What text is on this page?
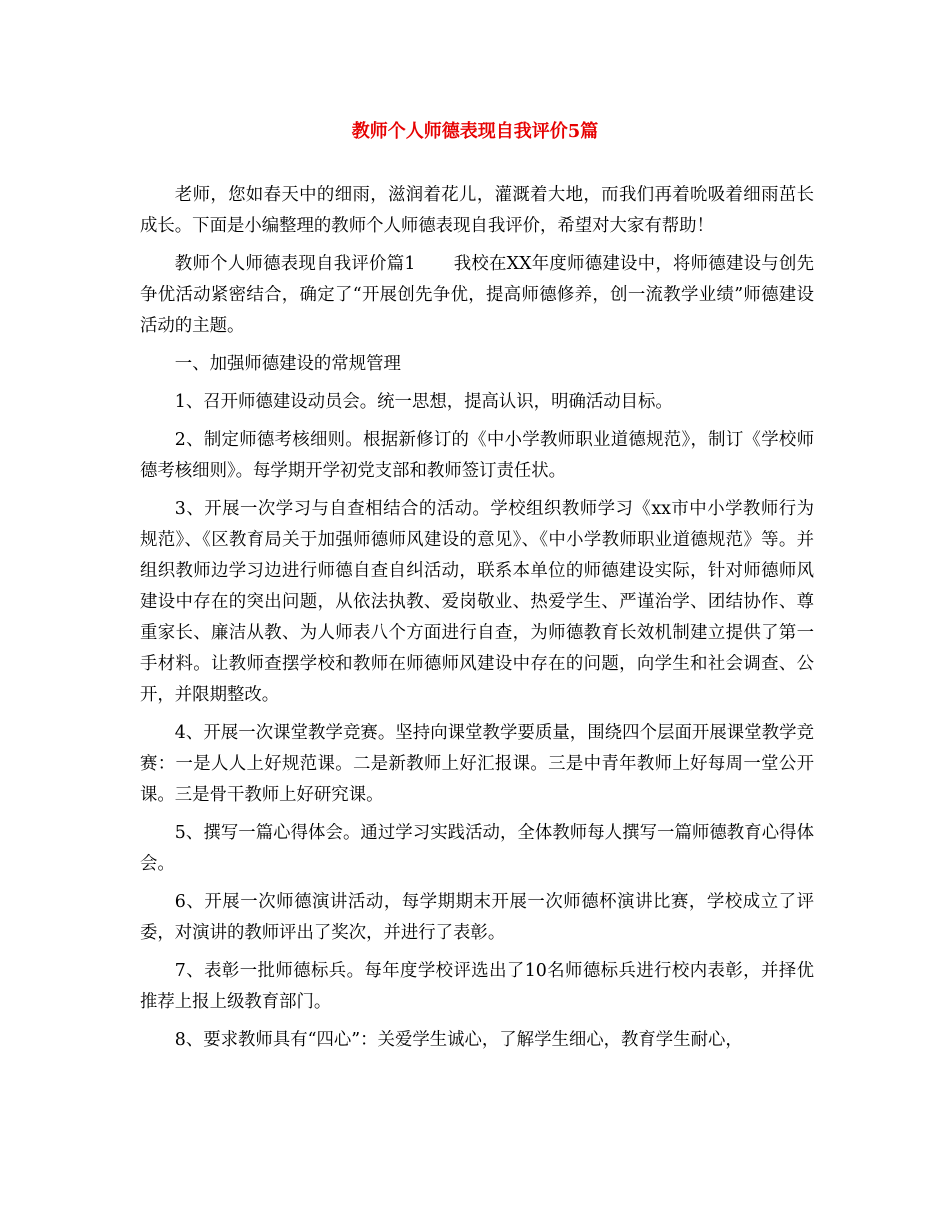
教师个人师德表现自我评价5篇

老师，您如春天中的细雨，滋润着花儿，灌溉着大地，而我们再着吮吸着细雨茁长成长。下面是小编整理的教师个人师德表现自我评价，希望对大家有帮助！

教师个人师德表现自我评价篇1 我校在XX年度师德建设中，将师德建设与创先争优活动紧密结合，确定了“开展创先争优，提高师德修养，创一流教学业绩”师德建设活动的主题。

一、加强师德建设的常规管理

1、召开师德建设动员会。统一思想，提高认识，明确活动目标。

2、制定师德考核细则。根据新修订的《中小学教师职业道德规范》，制订《学校师德考核细则》。每学期开学初党支部和教师签订责任状。

3、开展一次学习与自查相结合的活动。学校组织教师学习《xx市中小学教师行为规范》、《区教育局关于加强师德师风建设的意见》、《中小学教师职业道德规范》等。并组织教师边学习边进行师德自查自纠活动，联系本单位的师德建设实际，针对师德师风建设中存在的突出问题，从依法执教、爱岗敬业、热爱学生、严谨治学、团结协作、尊重家长、廉洁从教、为人师表八个方面进行自查，为师德教育长效机制建立提供了第一手材料。让教师查摆学校和教师在师德师风建设中存在的问题，向学生和社会调查、公开，并限期整改。

4、开展一次课堂教学竞赛。坚持向课堂教学要质量，围绕四个层面开展课堂教学竞赛：一是人人上好规范课。二是新教师上好汇报课。三是中青年教师上好每周一堂公开课。三是骨干教师上好研究课。

5、撰写一篇心得体会。通过学习实践活动，全体教师每人撰写一篇师德教育心得体会。

6、开展一次师德演讲活动，每学期期末开展一次师德杯演讲比赛，学校成立了评委，对演讲的教师评出了奖次，并进行了表彰。

7、表彰一批师德标兵。每年度学校评选出了10名师德标兵进行校内表彰，并择优推荐上报上级教育部门。

8、要求教师具有“四心”：关爱学生诚心，了解学生细心，教育学生耐心，
